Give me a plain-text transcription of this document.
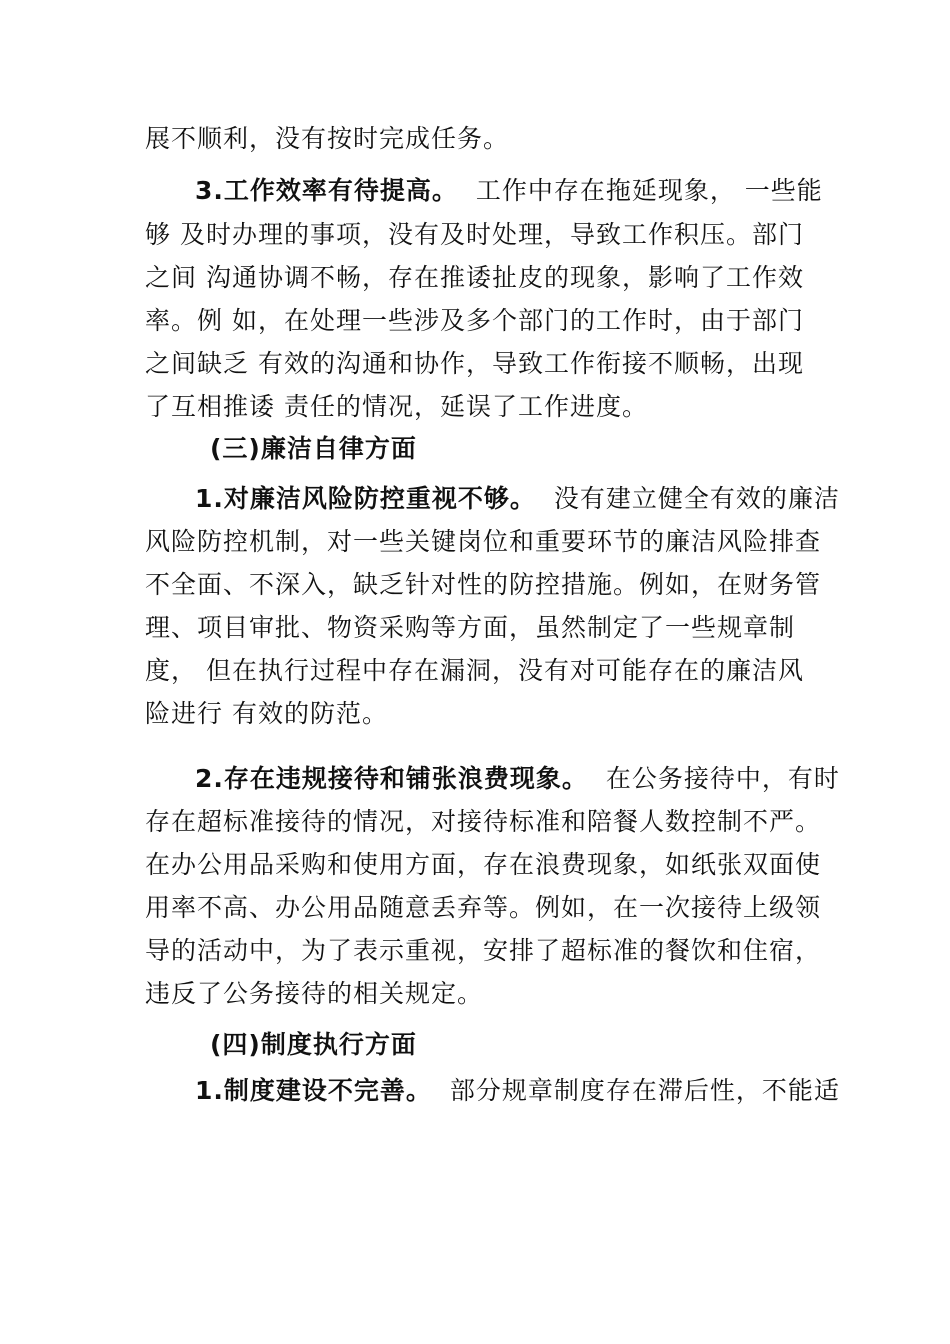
展不顺利，没有按时完成任务。
3.工作效率有待提高。 工作中存在拖延现象， 一些能
够 及时办理的事项，没有及时处理，导致工作积压。部门
之间 沟通协调不畅，存在推诿扯皮的现象，影响了工作效
率。例 如，在处理一些涉及多个部门的工作时，由于部门
之间缺乏 有效的沟通和协作，导致工作衔接不顺畅，出现
了互相推诿 责任的情况，延误了工作进度。
(三)廉洁自律方面
1.对廉洁风险防控重视不够。 没有建立健全有效的廉洁
风险防控机制，对一些关键岗位和重要环节的廉洁风险排查
不全面、不深入，缺乏针对性的防控措施。例如，在财务管
理、项目审批、物资采购等方面，虽然制定了一些规章制
度， 但在执行过程中存在漏洞，没有对可能存在的廉洁风
险进行 有效的防范。
2.存在违规接待和铺张浪费现象。 在公务接待中，有时
存在超标准接待的情况，对接待标准和陪餐人数控制不严。
在办公用品采购和使用方面，存在浪费现象，如纸张双面使
用率不高、办公用品随意丢弃等。例如，在一次接待上级领
导的活动中，为了表示重视，安排了超标准的餐饮和住宿，
违反了公务接待的相关规定。
(四)制度执行方面
1.制度建设不完善。 部分规章制度存在滞后性，不能适
